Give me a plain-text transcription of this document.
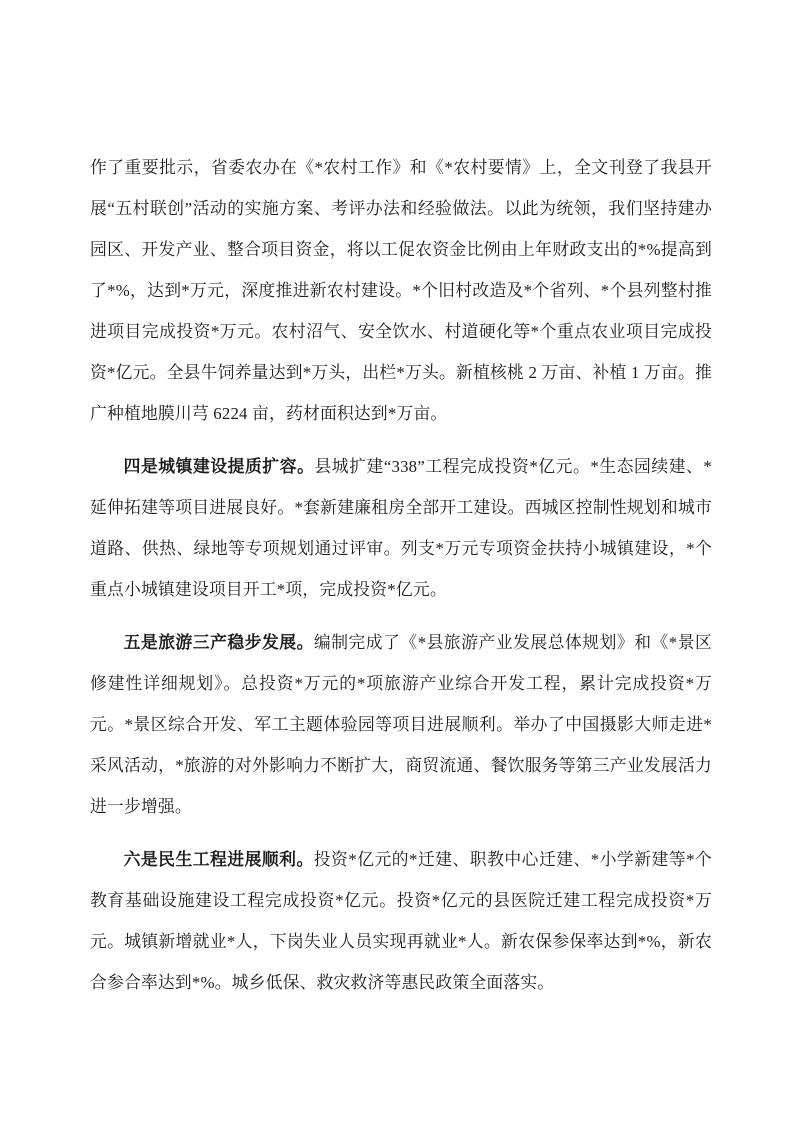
作了重要批示，省委农办在《*农村工作》和《*农村要情》上，全文刊登了我县开展“五村联创”活动的实施方案、考评办法和经验做法。以此为统领，我们坚持建办园区、开发产业、整合项目资金，将以工促农资金比例由上年财政支出的*%提高到了*%，达到*万元，深度推进新农村建设。*个旧村改造及*个省列、*个县列整村推进项目完成投资*万元。农村沼气、安全饮水、村道硬化等*个重点农业项目完成投资*亿元。全县牛饲养量达到*万头，出栏*万头。新植核桃 2 万亩、补植 1 万亩。推广种植地膜川芎 6224 亩，药材面积达到*万亩。

四是城镇建设提质扩容。县城扩建“338”工程完成投资*亿元。*生态园续建、*延伸拓建等项目进展良好。*套新建廉租房全部开工建设。西城区控制性规划和城市道路、供热、绿地等专项规划通过评审。列支*万元专项资金扶持小城镇建设，*个重点小城镇建设项目开工*项，完成投资*亿元。

五是旅游三产稳步发展。编制完成了《*县旅游产业发展总体规划》和《*景区修建性详细规划》。总投资*万元的*项旅游产业综合开发工程，累计完成投资*万元。*景区综合开发、军工主题体验园等项目进展顺利。举办了中国摄影大师走进*采风活动，*旅游的对外影响力不断扩大，商贸流通、餐饮服务等第三产业发展活力进一步增强。

六是民生工程进展顺利。投资*亿元的*迁建、职教中心迁建、*小学新建等*个教育基础设施建设工程完成投资*亿元。投资*亿元的县医院迁建工程完成投资*万元。城镇新增就业*人，下岗失业人员实现再就业*人。新农保参保率达到*%，新农合参合率达到*%。城乡低保、救灾救济等惠民政策全面落实。
